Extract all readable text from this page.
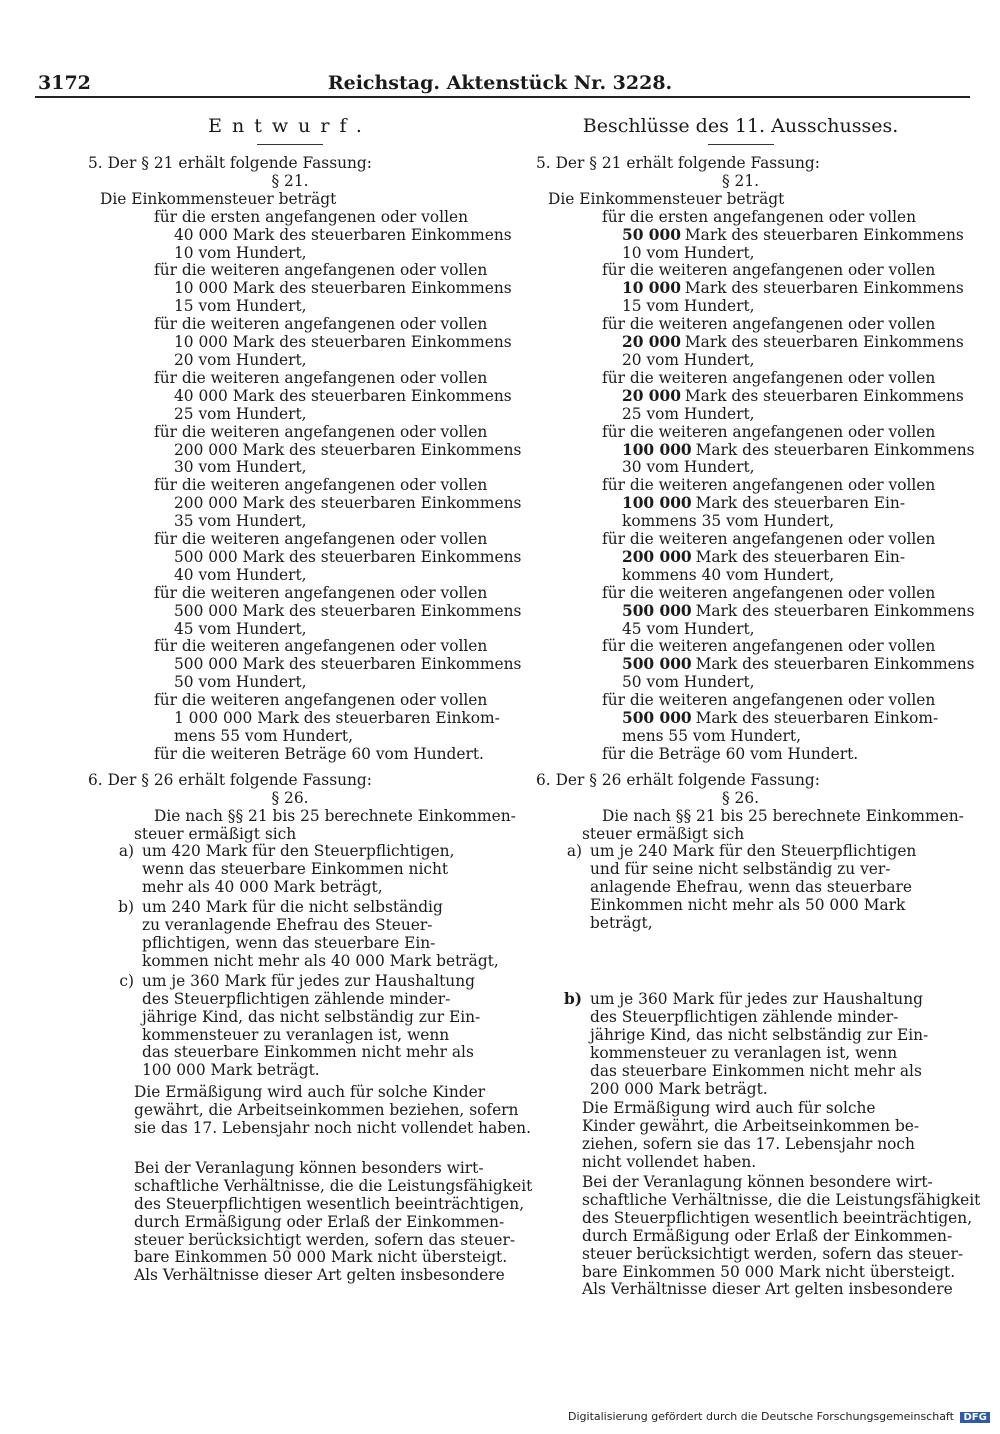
3172	Reichstag. Aktenstück Nr. 3228.
Entwurf.

5. Der § 21 erhält folgende Fassung:

§ 21.

Die Einkommensteuer beträgt

für die ersten angefangenen oder vollen

40 000 Mark des steuerbaren Einkommens

10 vom Hundert,

für die weiteren angefangenen oder vollen

10 000 Mark des steuerbaren Einkommens

15 vom Hundert,

für die weiteren angefangenen oder vollen

10 000 Mark des steuerbaren Einkommens

20 vom Hundert,

für die weiteren angefangenen oder vollen

40 000 Mark des steuerbaren Einkommens

25 vom Hundert,

für die weiteren angefangenen oder vollen

200 000 Mark des steuerbaren Einkommens

30 vom Hundert,

für die weiteren angefangenen oder vollen

200 000 Mark des steuerbaren Einkommens

35 vom Hundert,

für die weiteren angefangenen oder vollen

500 000 Mark des steuerbaren Einkommens

40 vom Hundert,

für die weiteren angefangenen oder vollen

500 000 Mark des steuerbaren Einkommens

45 vom Hundert,

für die weiteren angefangenen oder vollen

500 000 Mark des steuerbaren Einkommens

50 vom Hundert,

für die weiteren angefangenen oder vollen

1 000 000 Mark des steuerbaren Einkom-

mens 55 vom Hundert,

für die weiteren Beträge 60 vom Hundert.

6. Der § 26 erhält folgende Fassung:

§ 26.

Die nach §§ 21 bis 25 berechnete Einkommen-

steuer ermäßigt sich

a) um 420 Mark für den Steuerpflichtigen,

wenn das steuerbare Einkommen nicht

mehr als 40 000 Mark beträgt,

b) um 240 Mark für die nicht selbständig

zu veranlagende Ehefrau des Steuer-

pflichtigen, wenn das steuerbare Ein-

kommen nicht mehr als 40 000 Mark beträgt,

c) um je 360 Mark für jedes zur Haushaltung

des Steuerpflichtigen zählende minder-

jährige Kind, das nicht selbständig zur Ein-

kommensteuer zu veranlagen ist, wenn

das steuerbare Einkommen nicht mehr als

100 000 Mark beträgt.

Die Ermäßigung wird auch für solche Kinder

gewährt, die Arbeitseinkommen beziehen, sofern

sie das 17. Lebensjahr noch nicht vollendet haben.

Bei der Veranlagung können besonders wirt-

schaftliche Verhältnisse, die die Leistungsfähigkeit

des Steuerpflichtigen wesentlich beeinträchtigen,

durch Ermäßigung oder Erlaß der Einkommen-

steuer berücksichtigt werden, sofern das steuer-

bare Einkommen 50 000 Mark nicht übersteigt.

Als Verhältnisse dieser Art gelten insbesondere

Beschlüsse des 11. Ausschusses.

5. Der § 21 erhält folgende Fassung:

§ 21.

Die Einkommensteuer beträgt

für die ersten angefangenen oder vollen

50 000 Mark des steuerbaren Einkommens

10 vom Hundert,

für die weiteren angefangenen oder vollen

10 000 Mark des steuerbaren Einkommens

15 vom Hundert,

für die weiteren angefangenen oder vollen

20 000 Mark des steuerbaren Einkommens

20 vom Hundert,

für die weiteren angefangenen oder vollen

20 000 Mark des steuerbaren Einkommens

25 vom Hundert,

für die weiteren angefangenen oder vollen

100 000 Mark des steuerbaren Einkommens

30 vom Hundert,

für die weiteren angefangenen oder vollen

100 000 Mark des steuerbaren Ein-

kommens 35 vom Hundert,

für die weiteren angefangenen oder vollen

200 000 Mark des steuerbaren Ein-

kommens 40 vom Hundert,

für die weiteren angefangenen oder vollen

500 000 Mark des steuerbaren Einkommens

45 vom Hundert,

für die weiteren angefangenen oder vollen

500 000 Mark des steuerbaren Einkommens

50 vom Hundert,

für die weiteren angefangenen oder vollen

500 000 Mark des steuerbaren Einkom-

mens 55 vom Hundert,

für die Beträge 60 vom Hundert.

6. Der § 26 erhält folgende Fassung:

§ 26.

Die nach §§ 21 bis 25 berechnete Einkommen-

steuer ermäßigt sich

a) um je 240 Mark für den Steuerpflichtigen

und für seine nicht selbständig zu ver-

anlagende Ehefrau, wenn das steuerbare

Einkommen nicht mehr als 50 000 Mark

beträgt,

b) um je 360 Mark für jedes zur Haushaltung

des Steuerpflichtigen zählende minder-

jährige Kind, das nicht selbständig zur Ein-

kommensteuer zu veranlagen ist, wenn

das steuerbare Einkommen nicht mehr als

200 000 Mark beträgt.

Die Ermäßigung wird auch für solche

Kinder gewährt, die Arbeitseinkommen be-

ziehen, sofern sie das 17. Lebensjahr noch

nicht vollendet haben.

Bei der Veranlagung können besondere wirt-

schaftliche Verhältnisse, die die Leistungsfähigkeit

des Steuerpflichtigen wesentlich beeinträchtigen,

durch Ermäßigung oder Erlaß der Einkommen-

steuer berücksichtigt werden, sofern das steuer-

bare Einkommen 50 000 Mark nicht übersteigt.

Als Verhältnisse dieser Art gelten insbesondere

Digitalisierung gefördert durch die Deutsche Forschungsgemeinschaft DFG
